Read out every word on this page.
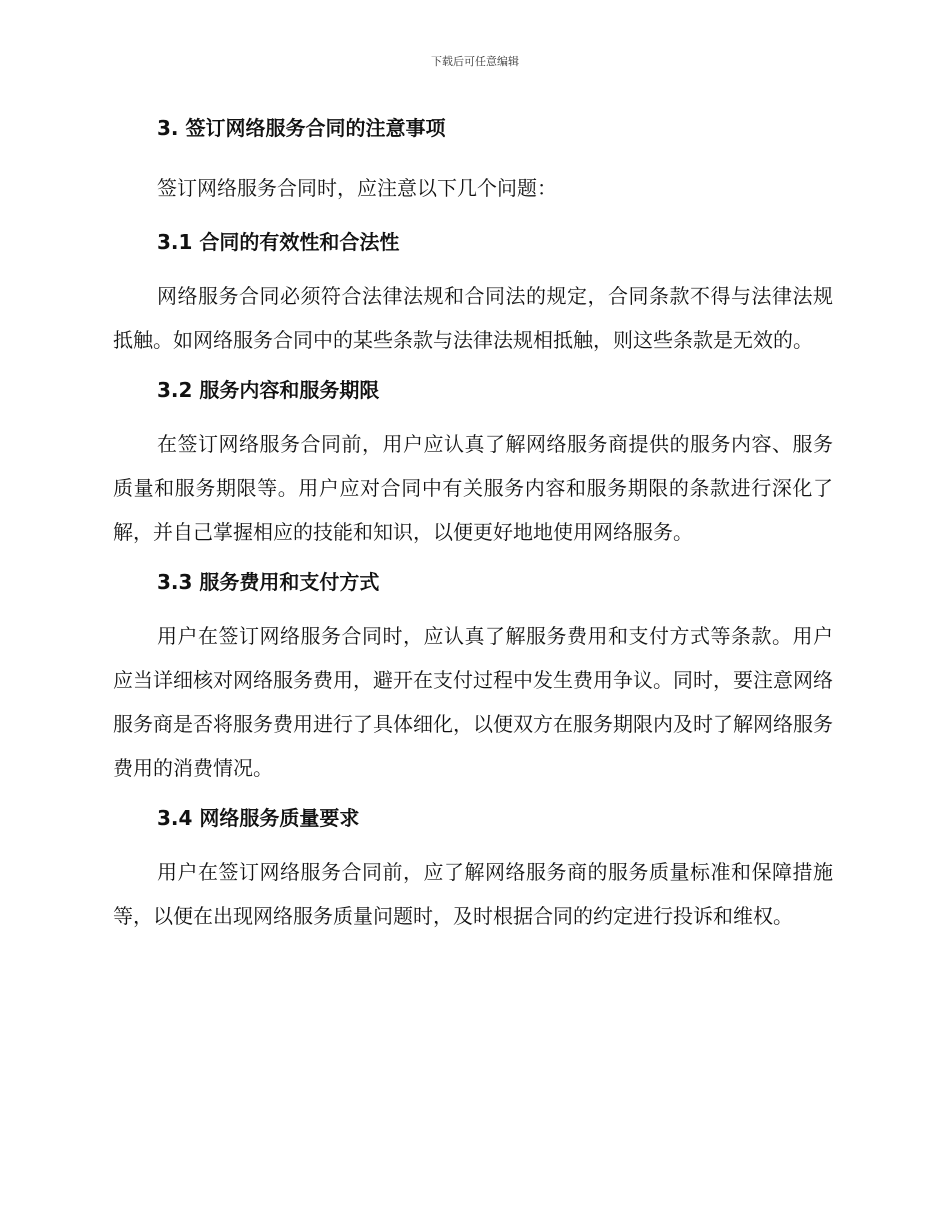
下载后可任意编辑
3. 签订网络服务合同的注意事项

签订网络服务合同时，应注意以下几个问题：

3.1 合同的有效性和合法性

网络服务合同必须符合法律法规和合同法的规定，合同条款不得与法律法规抵触。如网络服务合同中的某些条款与法律法规相抵触，则这些条款是无效的。

3.2 服务内容和服务期限

在签订网络服务合同前，用户应认真了解网络服务商提供的服务内容、服务质量和服务期限等。用户应对合同中有关服务内容和服务期限的条款进行深化了解，并自己掌握相应的技能和知识，以便更好地地使用网络服务。

3.3 服务费用和支付方式

用户在签订网络服务合同时，应认真了解服务费用和支付方式等条款。用户应当详细核对网络服务费用，避开在支付过程中发生费用争议。同时，要注意网络服务商是否将服务费用进行了具体细化，以便双方在服务期限内及时了解网络服务费用的消费情况。

3.4 网络服务质量要求

用户在签订网络服务合同前，应了解网络服务商的服务质量标准和保障措施等，以便在出现网络服务质量问题时，及时根据合同的约定进行投诉和维权。
